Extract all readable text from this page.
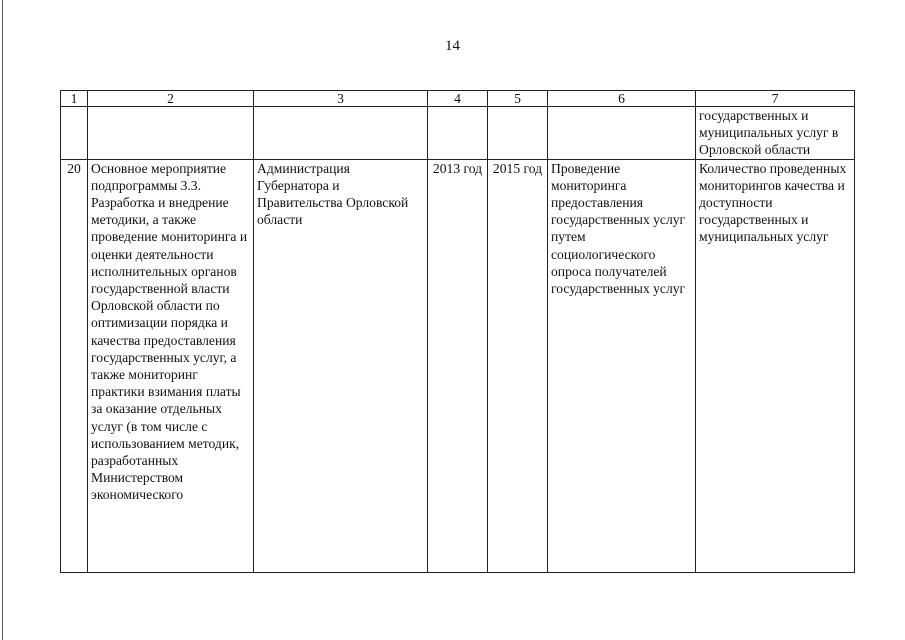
14
1	2	3	4	5	6	7
						государственных и муниципальных услуг в Орловской области
20	Основное мероприятие подпрограммы 3.3. Разработка и внедрение методики, а также проведение мониторинга и оценки деятельности исполнительных органов государственной власти Орловской области по оптимизации порядка и качества предоставления государственных услуг, а также мониторинг практики взимания платы за оказание отдельных услуг (в том числе с использованием методик, разработанных Министерством экономического	Администрация Губернатора и Правительства Орловской области	2013 год	2015 год	Проведение мониторинга предоставления государственных услуг путем социологического опроса получателей государственных услуг	Количество проведенных мониторингов качества и доступности государственных и муниципальных услуг
